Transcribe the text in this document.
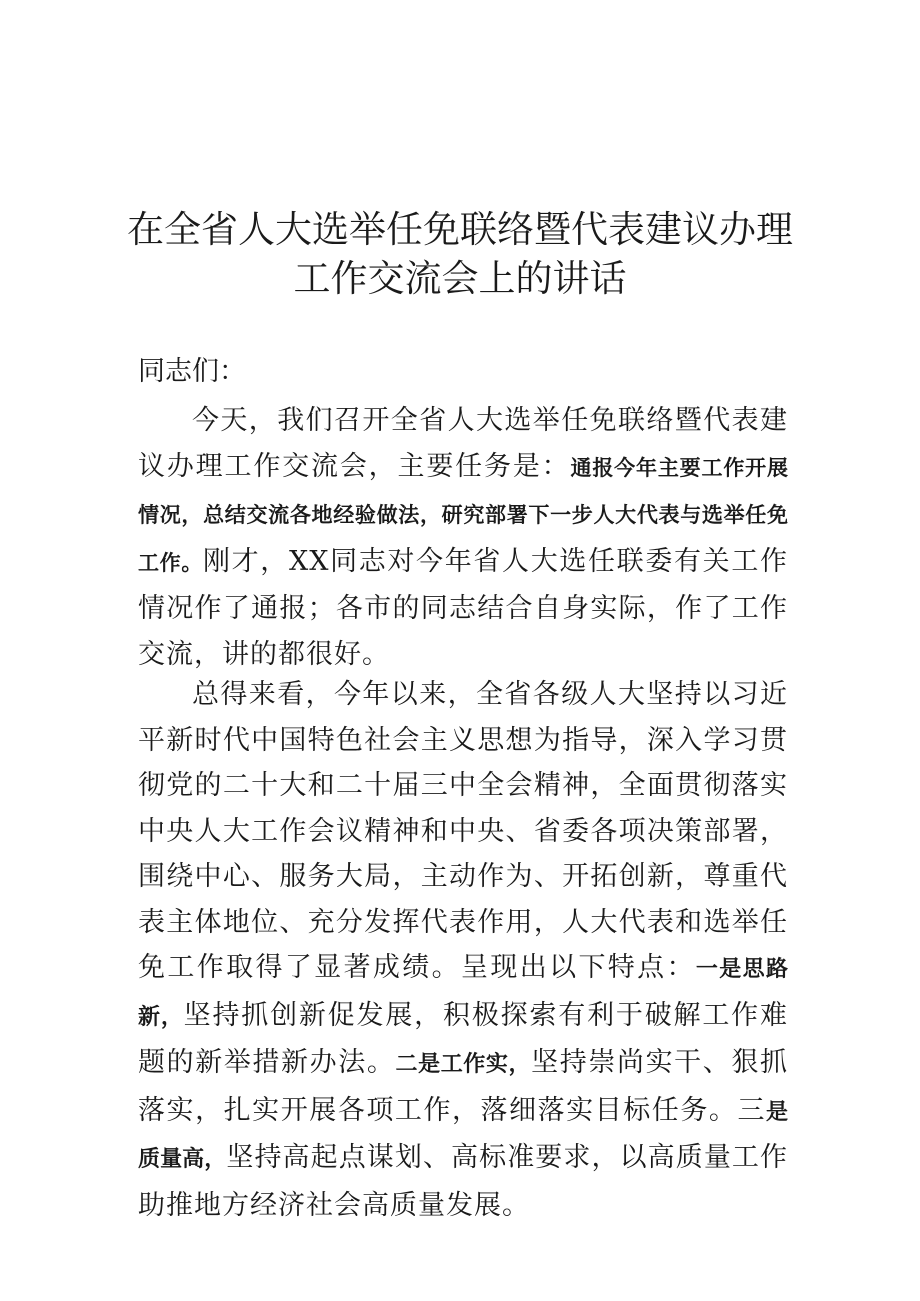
在全省人大选举任免联络暨代表建议办理
工作交流会上的讲话

同志们：

今天，我们召开全省人大选举任免联络暨代表建议办理工作交流会，主要任务是：通报今年主要工作开展情况，总结交流各地经验做法，研究部署下一步人大代表与选举任免工作。刚才，XX同志对今年省人大选任联委有关工作情况作了通报；各市的同志结合自身实际，作了工作交流，讲的都很好。

总得来看，今年以来，全省各级人大坚持以习近平新时代中国特色社会主义思想为指导，深入学习贯彻党的二十大和二十届三中全会精神，全面贯彻落实中央人大工作会议精神和中央、省委各项决策部署，围绕中心、服务大局，主动作为、开拓创新，尊重代表主体地位、充分发挥代表作用，人大代表和选举任免工作取得了显著成绩。呈现出以下特点：一是思路新，坚持抓创新促发展，积极探索有利于破解工作难题的新举措新办法。二是工作实，坚持崇尚实干、狠抓落实，扎实开展各项工作，落细落实目标任务。三是质量高，坚持高起点谋划、高标准要求，以高质量工作助推地方经济社会高质量发展。
